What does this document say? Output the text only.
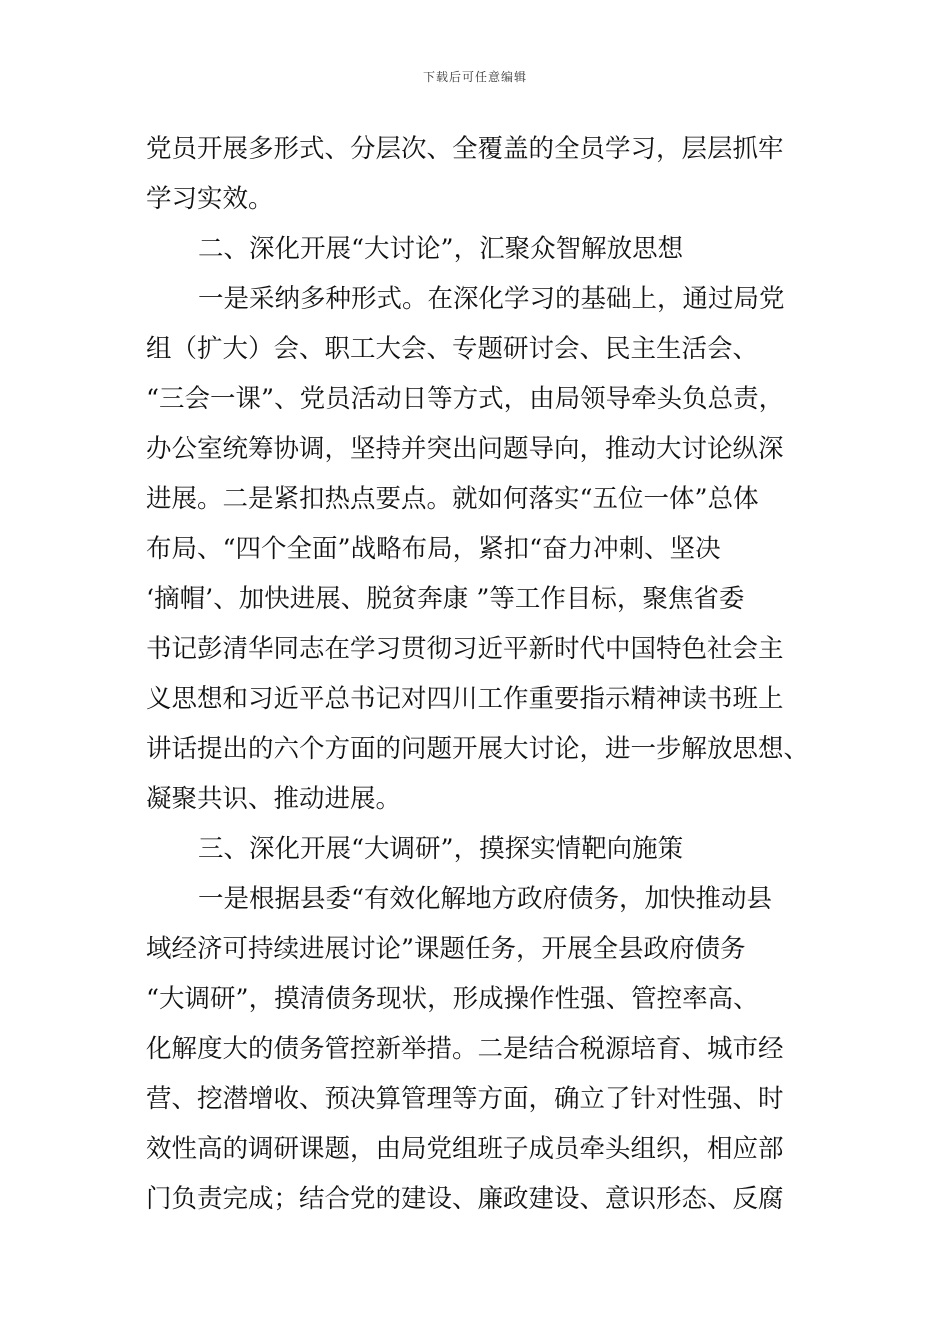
下载后可任意编辑
党员开展多形式、分层次、全覆盖的全员学习，层层抓牢
学习实效。
二、深化开展“大讨论”，汇聚众智解放思想
一是采纳多种形式。在深化学习的基础上，通过局党
组（扩大）会、职工大会、专题研讨会、民主生活会、
“三会一课”、党员活动日等方式，由局领导牵头负总责，
办公室统筹协调，坚持并突出问题导向，推动大讨论纵深
进展。二是紧扣热点要点。就如何落实“五位一体”总体
布局、“四个全面”战略布局，紧扣“奋力冲刺、坚决
‘摘帽’、加快进展、脱贫奔康 ”等工作目标，聚焦省委
书记彭清华同志在学习贯彻习近平新时代中国特色社会主
义思想和习近平总书记对四川工作重要指示精神读书班上
讲话提出的六个方面的问题开展大讨论，进一步解放思想、
凝聚共识、推动进展。
三、深化开展“大调研”，摸探实情靶向施策
一是根据县委“有效化解地方政府债务，加快推动县
域经济可持续进展讨论”课题任务，开展全县政府债务
“大调研”，摸清债务现状，形成操作性强、管控率高、
化解度大的债务管控新举措。二是结合税源培育、城市经
营、挖潜增收、预决算管理等方面，确立了针对性强、时
效性高的调研课题，由局党组班子成员牵头组织，相应部
门负责完成；结合党的建设、廉政建设、意识形态、反腐
